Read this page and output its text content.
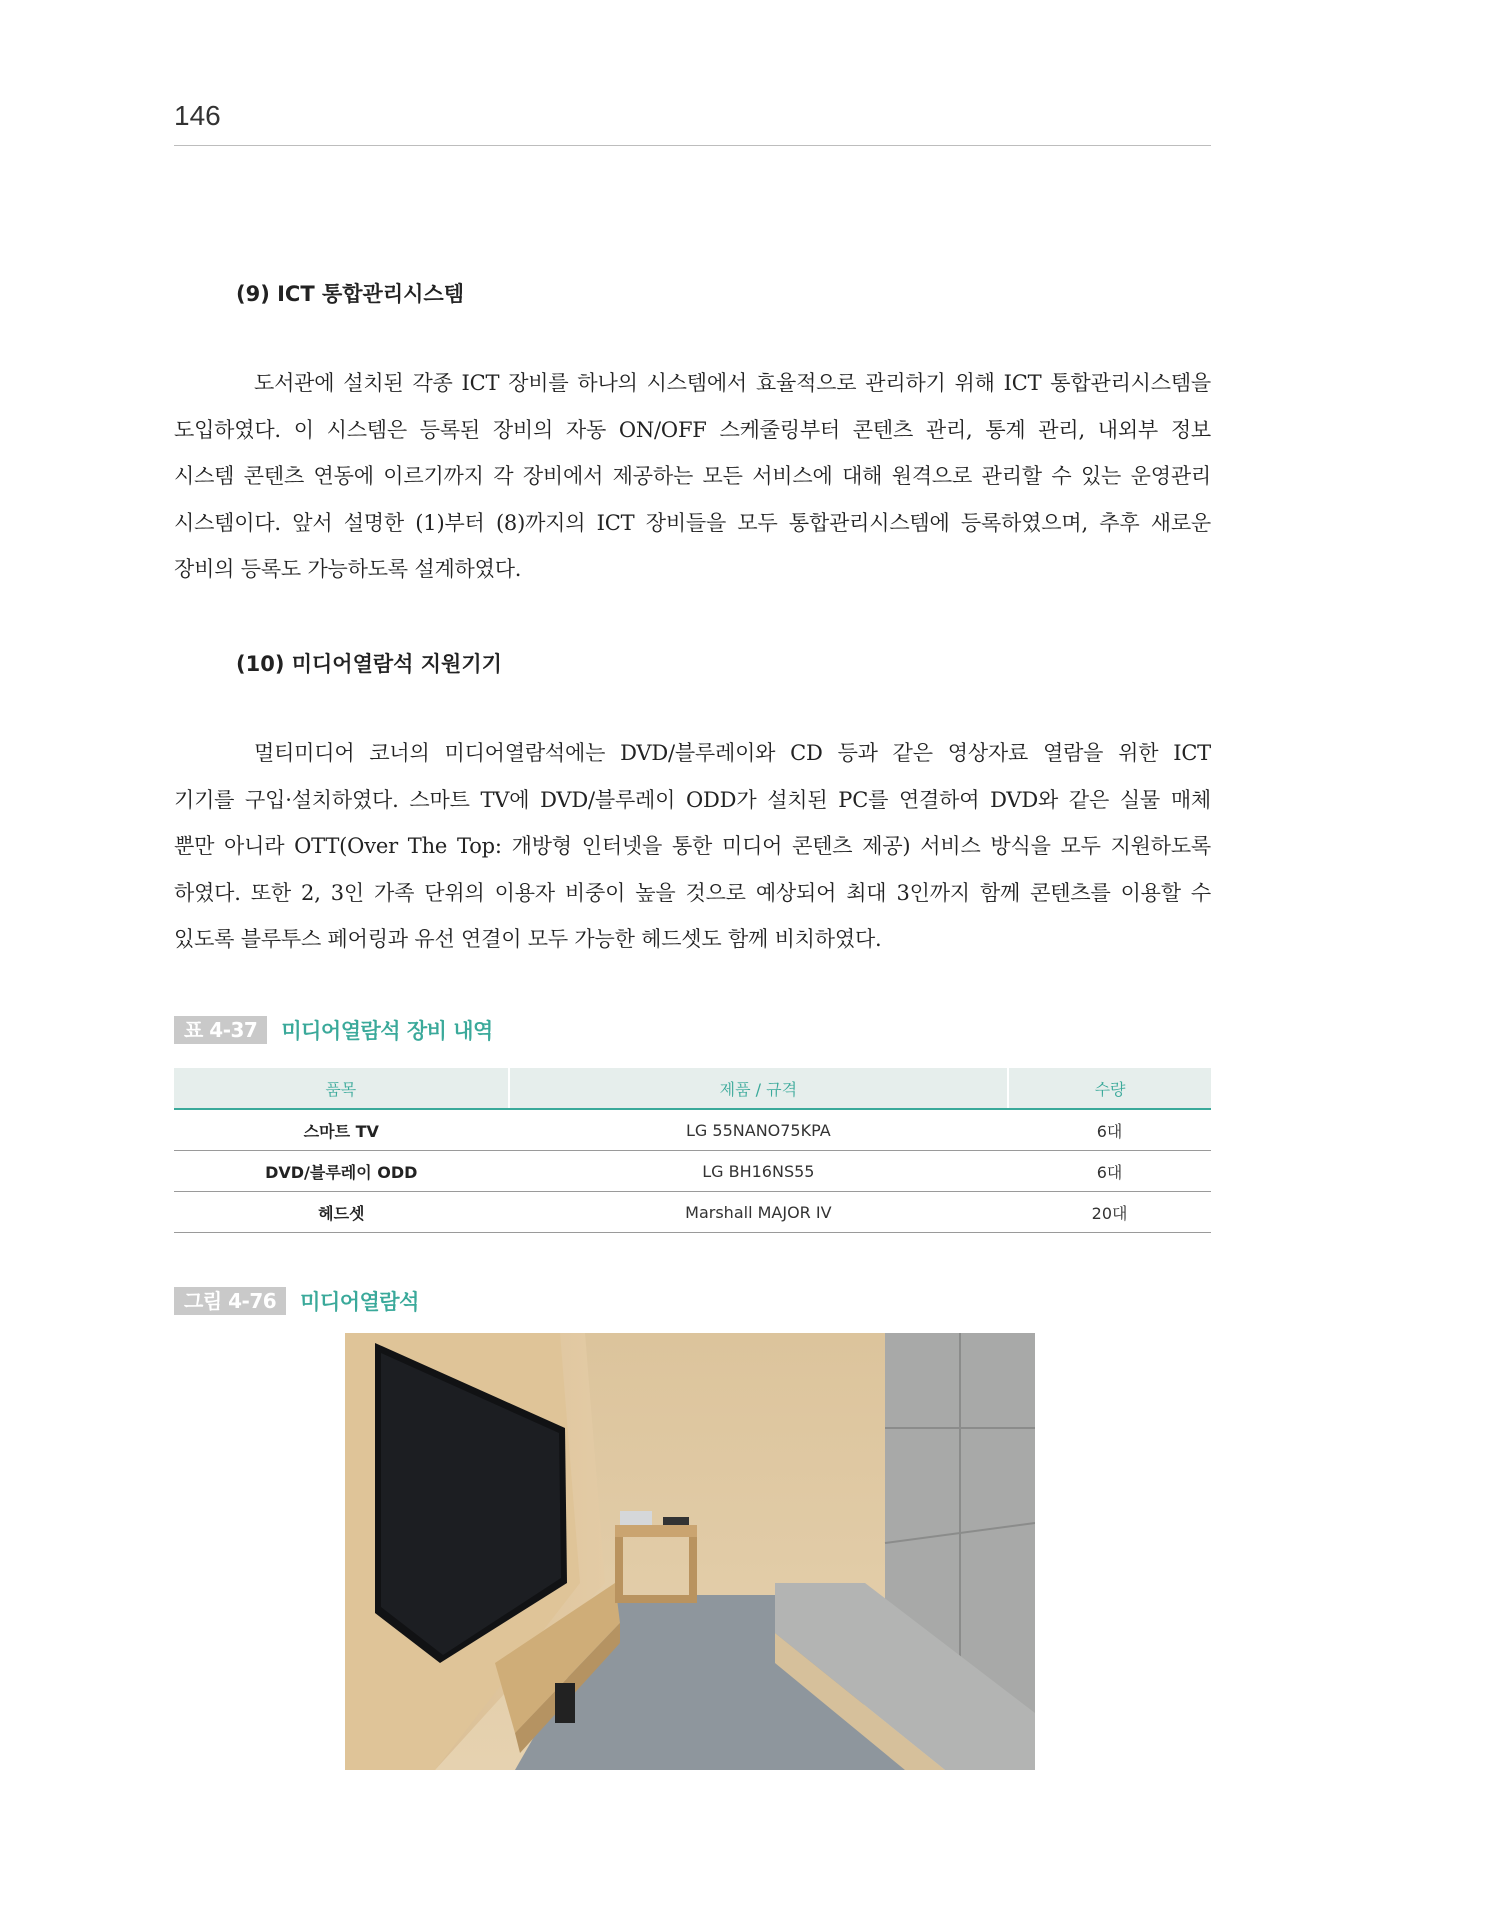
146
(9) ICT 통합관리시스템
도서관에 설치된 각종 ICT 장비를 하나의 시스템에서 효율적으로 관리하기 위해 ICT 통합관리시스템을
도입하였다. 이 시스템은 등록된 장비의 자동 ON/OFF 스케줄링부터 콘텐츠 관리, 통계 관리, 내외부 정보
시스템 콘텐츠 연동에 이르기까지 각 장비에서 제공하는 모든 서비스에 대해 원격으로 관리할 수 있는 운영관리
시스템이다. 앞서 설명한 (1)부터 (8)까지의 ICT 장비들을 모두 통합관리시스템에 등록하였으며, 추후 새로운
장비의 등록도 가능하도록 설계하였다.
(10) 미디어열람석 지원기기
멀티미디어 코너의 미디어열람석에는 DVD/블루레이와 CD 등과 같은 영상자료 열람을 위한 ICT
기기를 구입·설치하였다. 스마트 TV에 DVD/블루레이 ODD가 설치된 PC를 연결하여 DVD와 같은 실물 매체
뿐만 아니라 OTT(Over The Top: 개방형 인터넷을 통한 미디어 콘텐츠 제공) 서비스 방식을 모두 지원하도록
하였다. 또한 2, 3인 가족 단위의 이용자 비중이 높을 것으로 예상되어 최대 3인까지 함께 콘텐츠를 이용할 수
있도록 블루투스 페어링과 유선 연결이 모두 가능한 헤드셋도 함께 비치하였다.
표 4-37	미디어열람석 장비 내역
품목	제품 / 규격	수량
스마트 TV	LG 55NANO75KPA	6대
DVD/블루레이 ODD	LG BH16NS55	6대
헤드셋	Marshall MAJOR IV	20대
그림 4-76	미디어열람석
